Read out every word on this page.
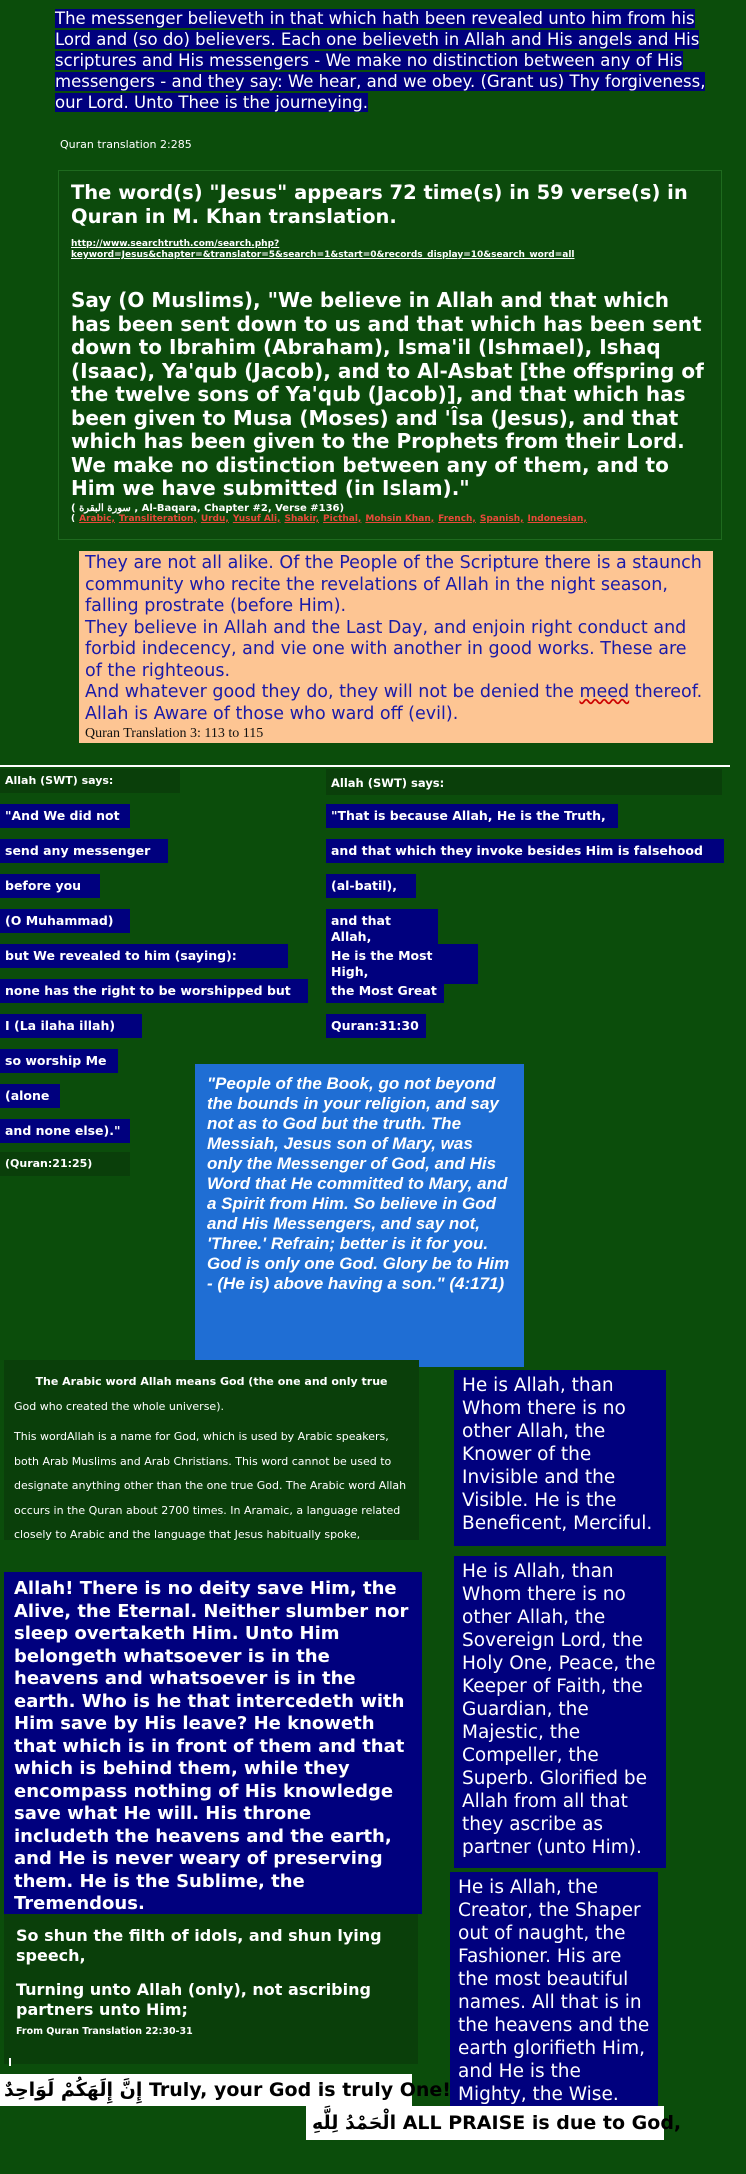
The messenger believeth in that which hath been revealed unto him from his Lord and (so do) believers. Each one believeth in Allah and His angels and His scriptures and His messengers - We make no distinction between any of His messengers - and they say: We hear, and we obey. (Grant us) Thy forgiveness, our Lord. Unto Thee is the journeying.
Quran translation 2:285
The word(s) "Jesus" appears 72 time(s) in 59 verse(s) in Quran in M. Khan translation.
http://www.searchtruth.com/search.php?keyword=Jesus&chapter=&translator=5&search=1&start=0&records_display=10&search_word=all
Say (O Muslims), "We believe in Allah and that which has been sent down to us and that which has been sent down to Ibrahim (Abraham), Isma'il (Ishmael), Ishaq (Isaac), Ya'qub (Jacob), and to Al-Asbat [the offspring of the twelve sons of Ya'qub (Jacob)], and that which has been given to Musa (Moses) and 'Îsa (Jesus), and that which has been given to the Prophets from their Lord. We make no distinction between any of them, and to Him we have submitted (in Islam)."
( سورة البقرة , Al-Baqara, Chapter #2, Verse #136)
( Arabic, Transliteration, Urdu, Yusuf Ali, Shakir, Picthal, Mohsin Khan, French, Spanish, Indonesian,
They are not all alike. Of the People of the Scripture there is a staunch community who recite the revelations of Allah in the night season, falling prostrate (before Him).
They believe in Allah and the Last Day, and enjoin right conduct and forbid indecency, and vie one with another in good works. These are of the righteous.
And whatever good they do, they will not be denied the meed thereof. Allah is Aware of those who ward off (evil).
Quran Translation 3: 113 to 115
Allah (SWT) says:
"And We did not
send any messenger
before you
(O Muhammad)
but We revealed to him (saying):
none has the right to be worshipped but
I (La ilaha illah)
so worship Me
(alone
and none else)."
(Quran:21:25)
Allah (SWT) says:
"That is because Allah, He is the Truth,
and that which they invoke besides Him is falsehood
(al-batil),
and that Allah,
He is the Most High,
the Most Great
Quran:31:30
"People of the Book, go not beyond the bounds in your religion, and say not as to God but the truth. The Messiah, Jesus son of Mary, was only the Messenger of God, and His Word that He committed to Mary, and a Spirit from Him. So believe in God and His Messengers, and say not, 'Three.' Refrain; better is it for you. God is only one God. Glory be to Him - (He is) above having a son." (4:171)
The Arabic word Allah means God (the one and only true
God who created the whole universe).
This wordAllah is a name for God, which is used by Arabic speakers,
both Arab Muslims and Arab Christians. This word cannot be used to
designate anything other than the one true God. The Arabic word Allah
occurs in the Quran about 2700 times. In Aramaic, a language related
closely to Arabic and the language that Jesus habitually spoke,
Allah! There is no deity save Him, the Alive, the Eternal. Neither slumber nor sleep overtaketh Him. Unto Him belongeth whatsoever is in the heavens and whatsoever is in the earth. Who is he that intercedeth with Him save by His leave? He knoweth that which is in front of them and that which is behind them, while they encompass nothing of His knowledge save what He will. His throne includeth the heavens and the earth, and He is never weary of preserving them. He is the Sublime, the Tremendous.
So shun the filth of idols, and shun lying speech,
Turning unto Allah (only), not ascribing partners unto Him;
From Quran Translation 22:30-31
He is Allah, than Whom there is no other Allah, the Knower of the Invisible and the Visible. He is the Beneficent, Merciful.
He is Allah, than Whom there is no other Allah, the Sovereign Lord, the Holy One, Peace, the Keeper of Faith, the Guardian, the Majestic, the Compeller, the Superb. Glorified be Allah from all that they ascribe as partner (unto Him).
He is Allah, the Creator, the Shaper out of naught, the Fashioner. His are the most beautiful names. All that is in the heavens and the earth glorifieth Him, and He is the Mighty, the Wise.
إِنَّ إِلَهَكُمْ لَوَاحِدٌ Truly, your God is truly One!
الْحَمْدُ لِلَّهِ ALL PRAISE is due to God,
